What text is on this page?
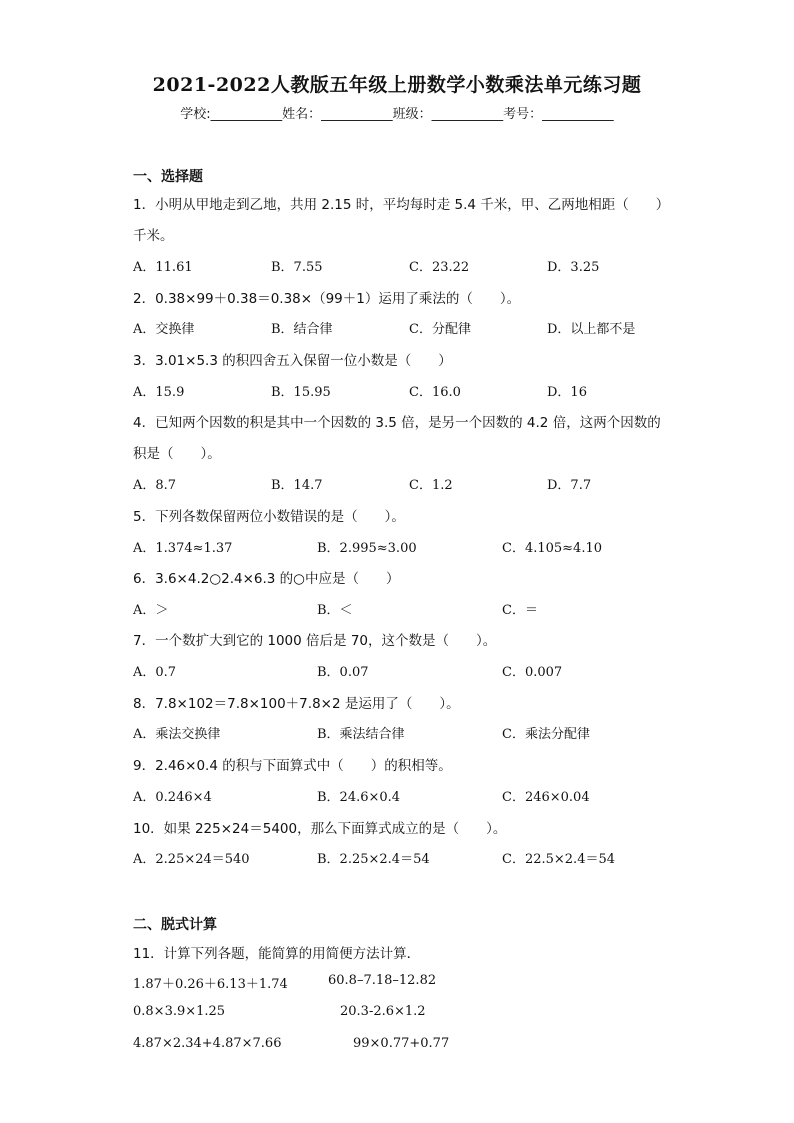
2021-2022人教版五年级上册数学小数乘法单元练习题
学校:___________姓名：___________班级：___________考号：___________
一、选择题
1．小明从甲地走到乙地，共用 2.15 时，平均每时走 5.4 千米，甲、乙两地相距（　　）
千米。
A．11.61	B．7.55	C．23.22	D．3.25
2．0.38×99＋0.38＝0.38×（99＋1）运用了乘法的（　　）。
A．交换律	B．结合律	C．分配律	D．以上都不是
3．3.01×5.3 的积四舍五入保留一位小数是（　　）
A．15.9	B．15.95	C．16.0	D．16
4．已知两个因数的积是其中一个因数的 3.5 倍，是另一个因数的 4.2 倍，这两个因数的
积是（　　）。
A．8.7	B．14.7	C．1.2	D．7.7
5．下列各数保留两位小数错误的是（　　）。
A．1.374≈1.37	B．2.995≈3.00	C．4.105≈4.10
6．3.6×4.2○2.4×6.3 的○中应是（　　）
A．＞	B．＜	C．＝
7．一个数扩大到它的 1000 倍后是 70，这个数是（　　）。
A．0.7	B．0.07	C．0.007
8．7.8×102＝7.8×100＋7.8×2 是运用了（　　）。
A．乘法交换律	B．乘法结合律	C．乘法分配律
9．2.46×0.4 的积与下面算式中（　　）的积相等。
A．0.246×4	B．24.6×0.4	C．246×0.04
10．如果 225×24＝5400，那么下面算式成立的是（　　）。
A．2.25×24＝540	B．2.25×2.4＝54	C．22.5×2.4＝54
二、脱式计算
11．计算下列各题，能简算的用简便方法计算．
1.87＋0.26＋6.13＋1.74	60.8–7.18–12.82
0.8×3.9×1.25	20.3-2.6×1.2
4.87×2.34+4.87×7.66	99×0.77+0.77
